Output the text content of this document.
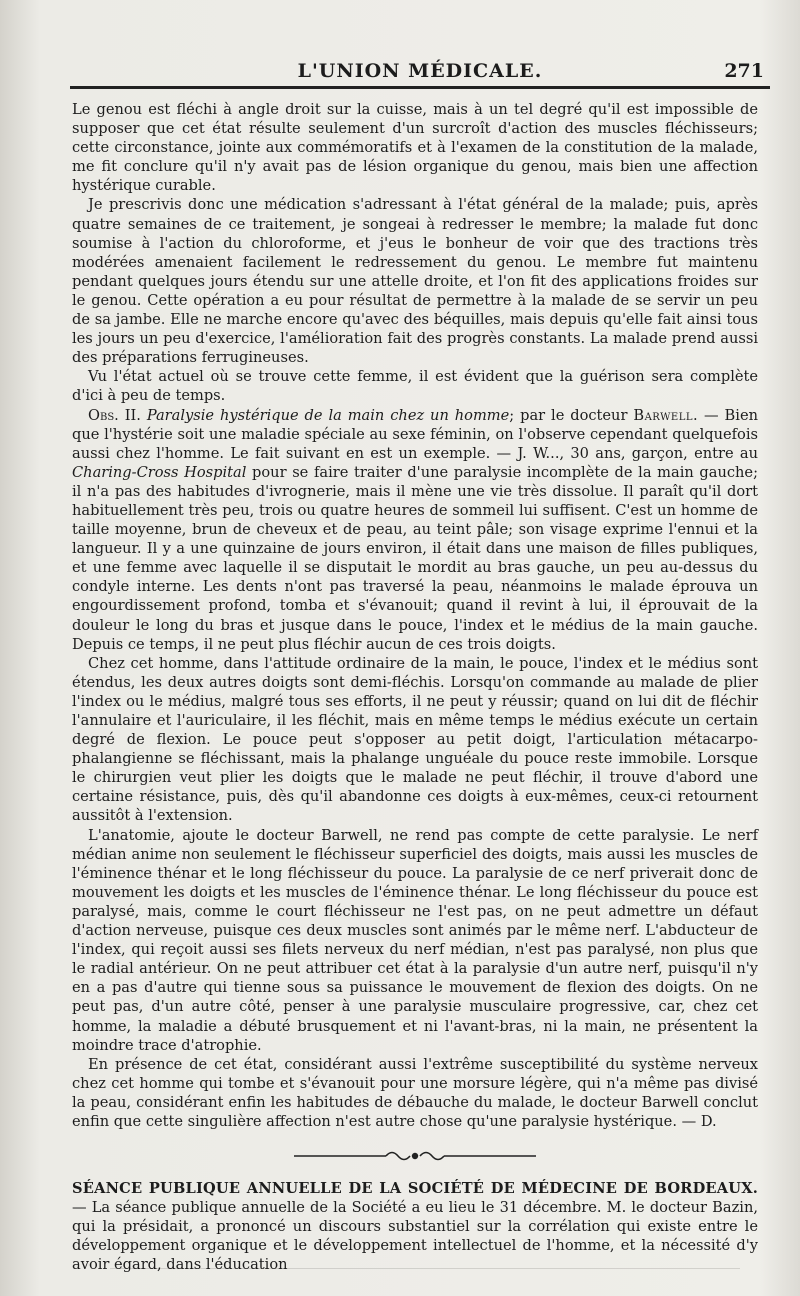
L'UNION MÉDICALE.	271

Le genou est fléchi à angle droit sur la cuisse, mais à un tel degré qu'il est impossible de supposer que cet état résulte seulement d'un surcroît d'action des muscles fléchisseurs; cette circonstance, jointe aux commémoratifs et à l'examen de la constitution de la malade, me fit conclure qu'il n'y avait pas de lésion organique du genou, mais bien une affection hystérique curable.

Je prescrivis donc une médication s'adressant à l'état général de la malade; puis, après quatre semaines de ce traitement, je songeai à redresser le membre; la malade fut donc soumise à l'action du chloroforme, et j'eus le bonheur de voir que des tractions très modérées amenaient facilement le redressement du genou. Le membre fut maintenu pendant quelques jours étendu sur une attelle droite, et l'on fit des applications froides sur le genou. Cette opération a eu pour résultat de permettre à la malade de se servir un peu de sa jambe. Elle ne marche encore qu'avec des béquilles, mais depuis qu'elle fait ainsi tous les jours un peu d'exercice, l'amélioration fait des progrès constants. La malade prend aussi des préparations ferrugineuses.

Vu l'état actuel où se trouve cette femme, il est évident que la guérison sera complète d'ici à peu de temps.

Obs. II. Paralysie hystérique de la main chez un homme; par le docteur Barwell. — Bien que l'hystérie soit une maladie spéciale au sexe féminin, on l'observe cependant quelquefois aussi chez l'homme. Le fait suivant en est un exemple. — J. W..., 30 ans, garçon, entre au Charing-Cross Hospital pour se faire traiter d'une paralysie incomplète de la main gauche; il n'a pas des habitudes d'ivrognerie, mais il mène une vie très dissolue. Il paraît qu'il dort habituellement très peu, trois ou quatre heures de sommeil lui suffisent. C'est un homme de taille moyenne, brun de cheveux et de peau, au teint pâle; son visage exprime l'ennui et la langueur. Il y a une quinzaine de jours environ, il était dans une maison de filles publiques, et une femme avec laquelle il se disputait le mordit au bras gauche, un peu au-dessus du condyle interne. Les dents n'ont pas traversé la peau, néanmoins le malade éprouva un engourdissement profond, tomba et s'évanouit; quand il revint à lui, il éprouvait de la douleur le long du bras et jusque dans le pouce, l'index et le médius de la main gauche. Depuis ce temps, il ne peut plus fléchir aucun de ces trois doigts.

Chez cet homme, dans l'attitude ordinaire de la main, le pouce, l'index et le médius sont étendus, les deux autres doigts sont demi-fléchis. Lorsqu'on commande au malade de plier l'index ou le médius, malgré tous ses efforts, il ne peut y réussir; quand on lui dit de fléchir l'annulaire et l'auriculaire, il les fléchit, mais en même temps le médius exécute un certain degré de flexion. Le pouce peut s'opposer au petit doigt, l'articulation métacarpo-phalangienne se fléchissant, mais la phalange unguéale du pouce reste immobile. Lorsque le chirurgien veut plier les doigts que le malade ne peut fléchir, il trouve d'abord une certaine résistance, puis, dès qu'il abandonne ces doigts à eux-mêmes, ceux-ci retournent aussitôt à l'extension.

L'anatomie, ajoute le docteur Barwell, ne rend pas compte de cette paralysie. Le nerf médian anime non seulement le fléchisseur superficiel des doigts, mais aussi les muscles de l'éminence thénar et le long fléchisseur du pouce. La paralysie de ce nerf priverait donc de mouvement les doigts et les muscles de l'éminence thénar. Le long fléchisseur du pouce est paralysé, mais, comme le court fléchisseur ne l'est pas, on ne peut admettre un défaut d'action nerveuse, puisque ces deux muscles sont animés par le même nerf. L'abducteur de l'index, qui reçoit aussi ses filets nerveux du nerf médian, n'est pas paralysé, non plus que le radial antérieur. On ne peut attribuer cet état à la paralysie d'un autre nerf, puisqu'il n'y en a pas d'autre qui tienne sous sa puissance le mouvement de flexion des doigts. On ne peut pas, d'un autre côté, penser à une paralysie musculaire progressive, car, chez cet homme, la maladie a débuté brusquement et ni l'avant-bras, ni la main, ne présentent la moindre trace d'atrophie.

En présence de cet état, considérant aussi l'extrême susceptibilité du système nerveux chez cet homme qui tombe et s'évanouit pour une morsure légère, qui n'a même pas divisé la peau, considérant enfin les habitudes de débauche du malade, le docteur Barwell conclut enfin que cette singulière affection n'est autre chose qu'une paralysie hystérique. — D.

SÉANCE PUBLIQUE ANNUELLE DE LA SOCIÉTÉ DE MÉDECINE DE BORDEAUX. — La séance publique annuelle de la Société a eu lieu le 31 décembre. M. le docteur Bazin, qui la présidait, a prononcé un discours substantiel sur la corrélation qui existe entre le développement organique et le développement intellectuel de l'homme, et la nécessité d'y avoir égard, dans l'éducation
